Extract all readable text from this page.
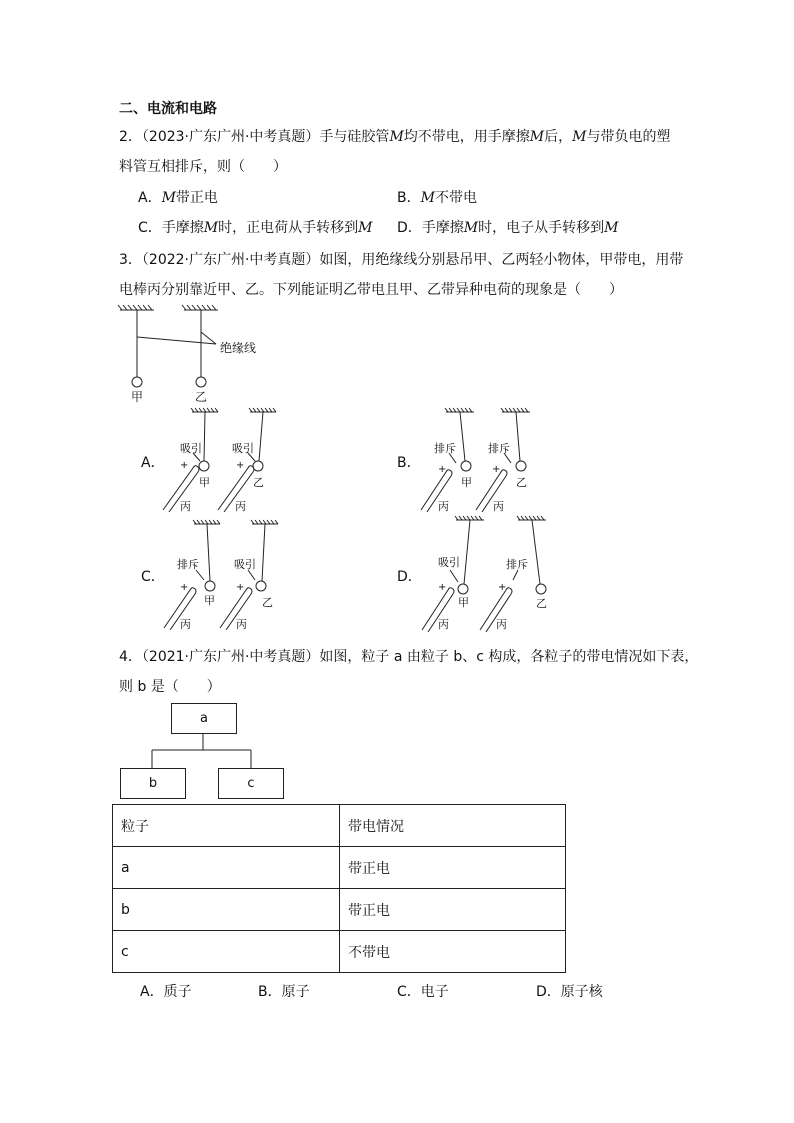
二、电流和电路
2．（2023·广东广州·中考真题）手与硅胶管M均不带电，用手摩擦M后，M与带负电的塑
料管互相排斥，则（　　）
A．M带正电	B．M不带电
C．手摩擦M时，正电荷从手转移到M D．手摩擦M时，电子从手转移到M
3．（2022·广东广州·中考真题）如图，用绝缘线分别悬吊甲、乙两轻小物体，甲带电，用带
电棒丙分别靠近甲、乙。下列能证明乙带电且甲、乙带异种电荷的现象是（　　）
绝缘线
甲	乙
A．
吸引	吸引
+	+
甲	乙
丙	丙
B．
排斥	排斥
+	+
甲	乙
丙	丙
C．
排斥	吸引
+	+
甲	乙
丙	丙
D．
吸引	排斥
+	+
甲	乙
丙	丙
4．（2021·广东广州·中考真题）如图，粒子 a 由粒子 b、c 构成，各粒子的带电情况如下表，
则 b 是（　　）
a
b	c
粒子	带电情况
a	带正电
b	带正电
c	不带电
A．质子	B．原子	C．电子	D．原子核
